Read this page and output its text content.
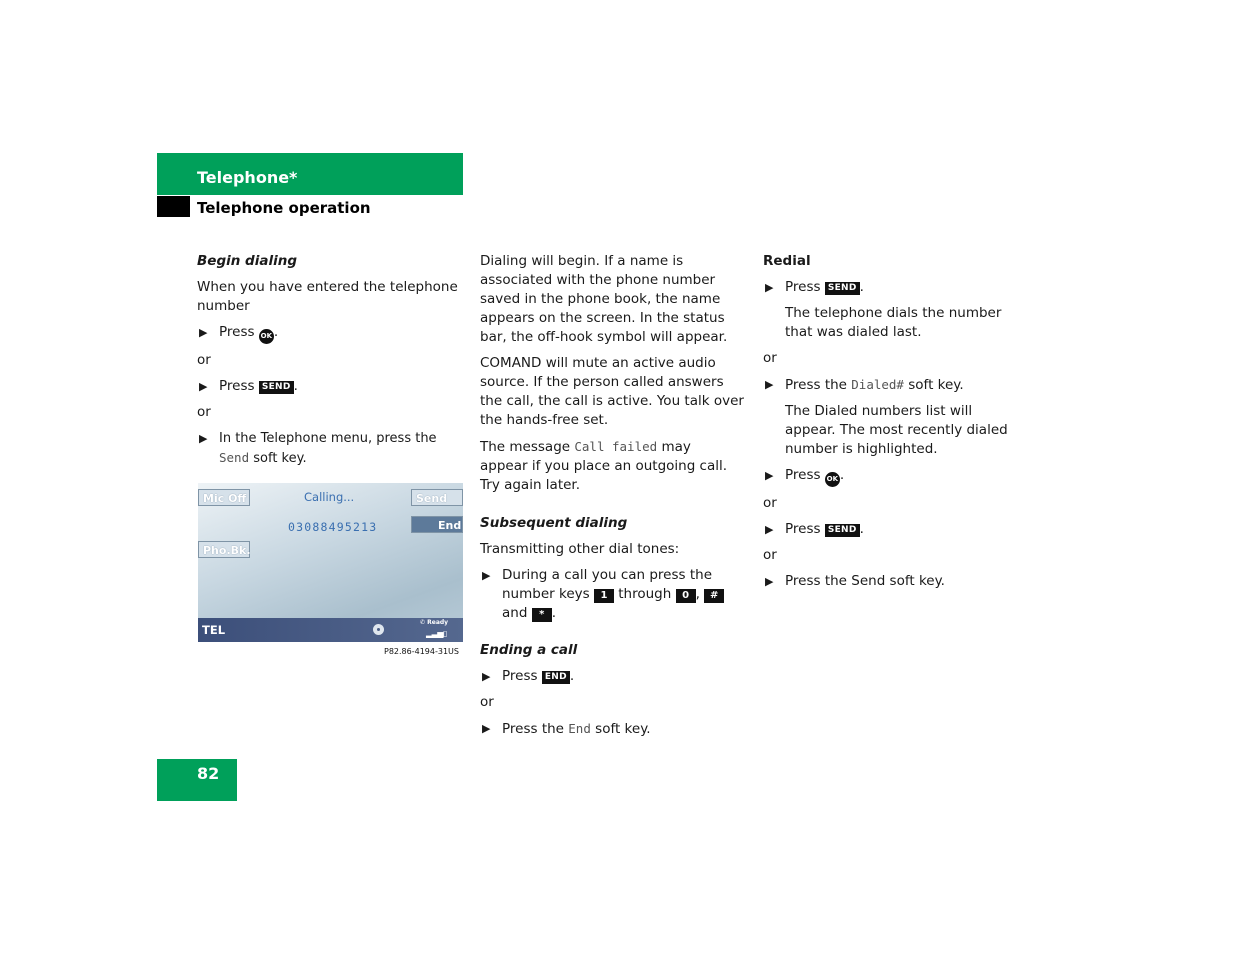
Telephone*
Telephone operation

Begin dialing

When you have entered the telephone number

▶ Press OK .

or

▶ Press SEND .

or

▶ In the Telephone menu, press the Send soft key.

Mic Off	Calling...	Send
03088495213	End
Pho.Bk.
TEL
✆ Ready
▂▃▅▯
P82.86-4194-31US

Dialing will begin. If a name is associated with the phone number saved in the phone book, the name appears on the screen. In the status bar, the off-hook symbol will appear.

COMAND will mute an active audio source. If the person called answers the call, the call is active. You talk over the hands-free set.

The message Call failed may
appear if you place an outgoing call.
Try again later.

Subsequent dialing

Transmitting other dial tones:

▶ During a call you can press the number keys 1 through 0 , # and * .

Ending a call

▶ Press END .

or

▶ Press the End soft key.

Redial

▶ Press SEND .

The telephone dials the number that was dialed last.

or

▶ Press the Dialed# soft key.

The Dialed numbers list will appear. The most recently dialed number is highlighted.

▶ Press OK .

or

▶ Press SEND .

or

▶ Press the Send soft key.

82
